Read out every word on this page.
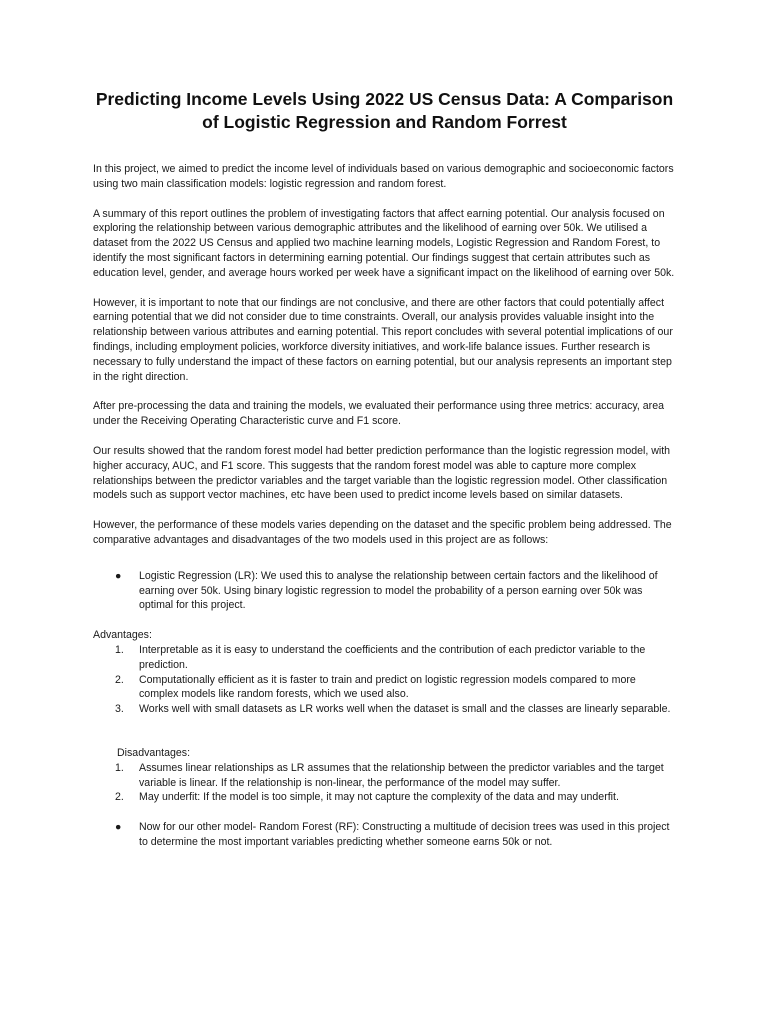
Predicting Income Levels Using 2022 US Census Data: A Comparison of Logistic Regression and Random Forrest

In this project, we aimed to predict the income level of individuals based on various demographic and socioeconomic factors using two main classification models: logistic regression and random forest.

A summary of this report outlines the problem of investigating factors that affect earning potential. Our analysis focused on exploring the relationship between various demographic attributes and the likelihood of earning over 50k. We utilised a dataset from the 2022 US Census and applied two machine learning models, Logistic Regression and Random Forest, to identify the most significant factors in determining earning potential. Our findings suggest that certain attributes such as education level, gender, and average hours worked per week have a significant impact on the likelihood of earning over 50k.

However, it is important to note that our findings are not conclusive, and there are other factors that could potentially affect earning potential that we did not consider due to time constraints. Overall, our analysis provides valuable insight into the relationship between various attributes and earning potential. This report concludes with several potential implications of our findings, including employment policies, workforce diversity initiatives, and work-life balance issues. Further research is necessary to fully understand the impact of these factors on earning potential, but our analysis represents an important step in the right direction.

After pre-processing the data and training the models, we evaluated their performance using three metrics: accuracy, area under the Receiving Operating Characteristic curve and F1 score.

Our results showed that the random forest model had better prediction performance than the logistic regression model, with higher accuracy, AUC, and F1 score. This suggests that the random forest model was able to capture more complex relationships between the predictor variables and the target variable than the logistic regression model. Other classification models such as support vector machines, etc have been used to predict income levels based on similar datasets.

However, the performance of these models varies depending on the dataset and the specific problem being addressed. The comparative advantages and disadvantages of the two models used in this project are as follows:

●	Logistic Regression (LR): We used this to analyse the relationship between certain factors and the likelihood of earning over 50k. Using binary logistic regression to model the probability of a person earning over 50k was optimal for this project.

Advantages:

1.	Interpretable as it is easy to understand the coefficients and the contribution of each predictor variable to the prediction.
2.	Computationally efficient as it is faster to train and predict on logistic regression models compared to more complex models like random forests, which we used also.
3.	Works well with small datasets as LR works well when the dataset is small and the classes are linearly separable.

Disadvantages:

1.	Assumes linear relationships as LR assumes that the relationship between the predictor variables and the target variable is linear. If the relationship is non-linear, the performance of the model may suffer.
2.	May underfit: If the model is too simple, it may not capture the complexity of the data and may underfit.
●	Now for our other model- Random Forest (RF): Constructing a multitude of decision trees was used in this project to determine the most important variables predicting whether someone earns 50k or not.
